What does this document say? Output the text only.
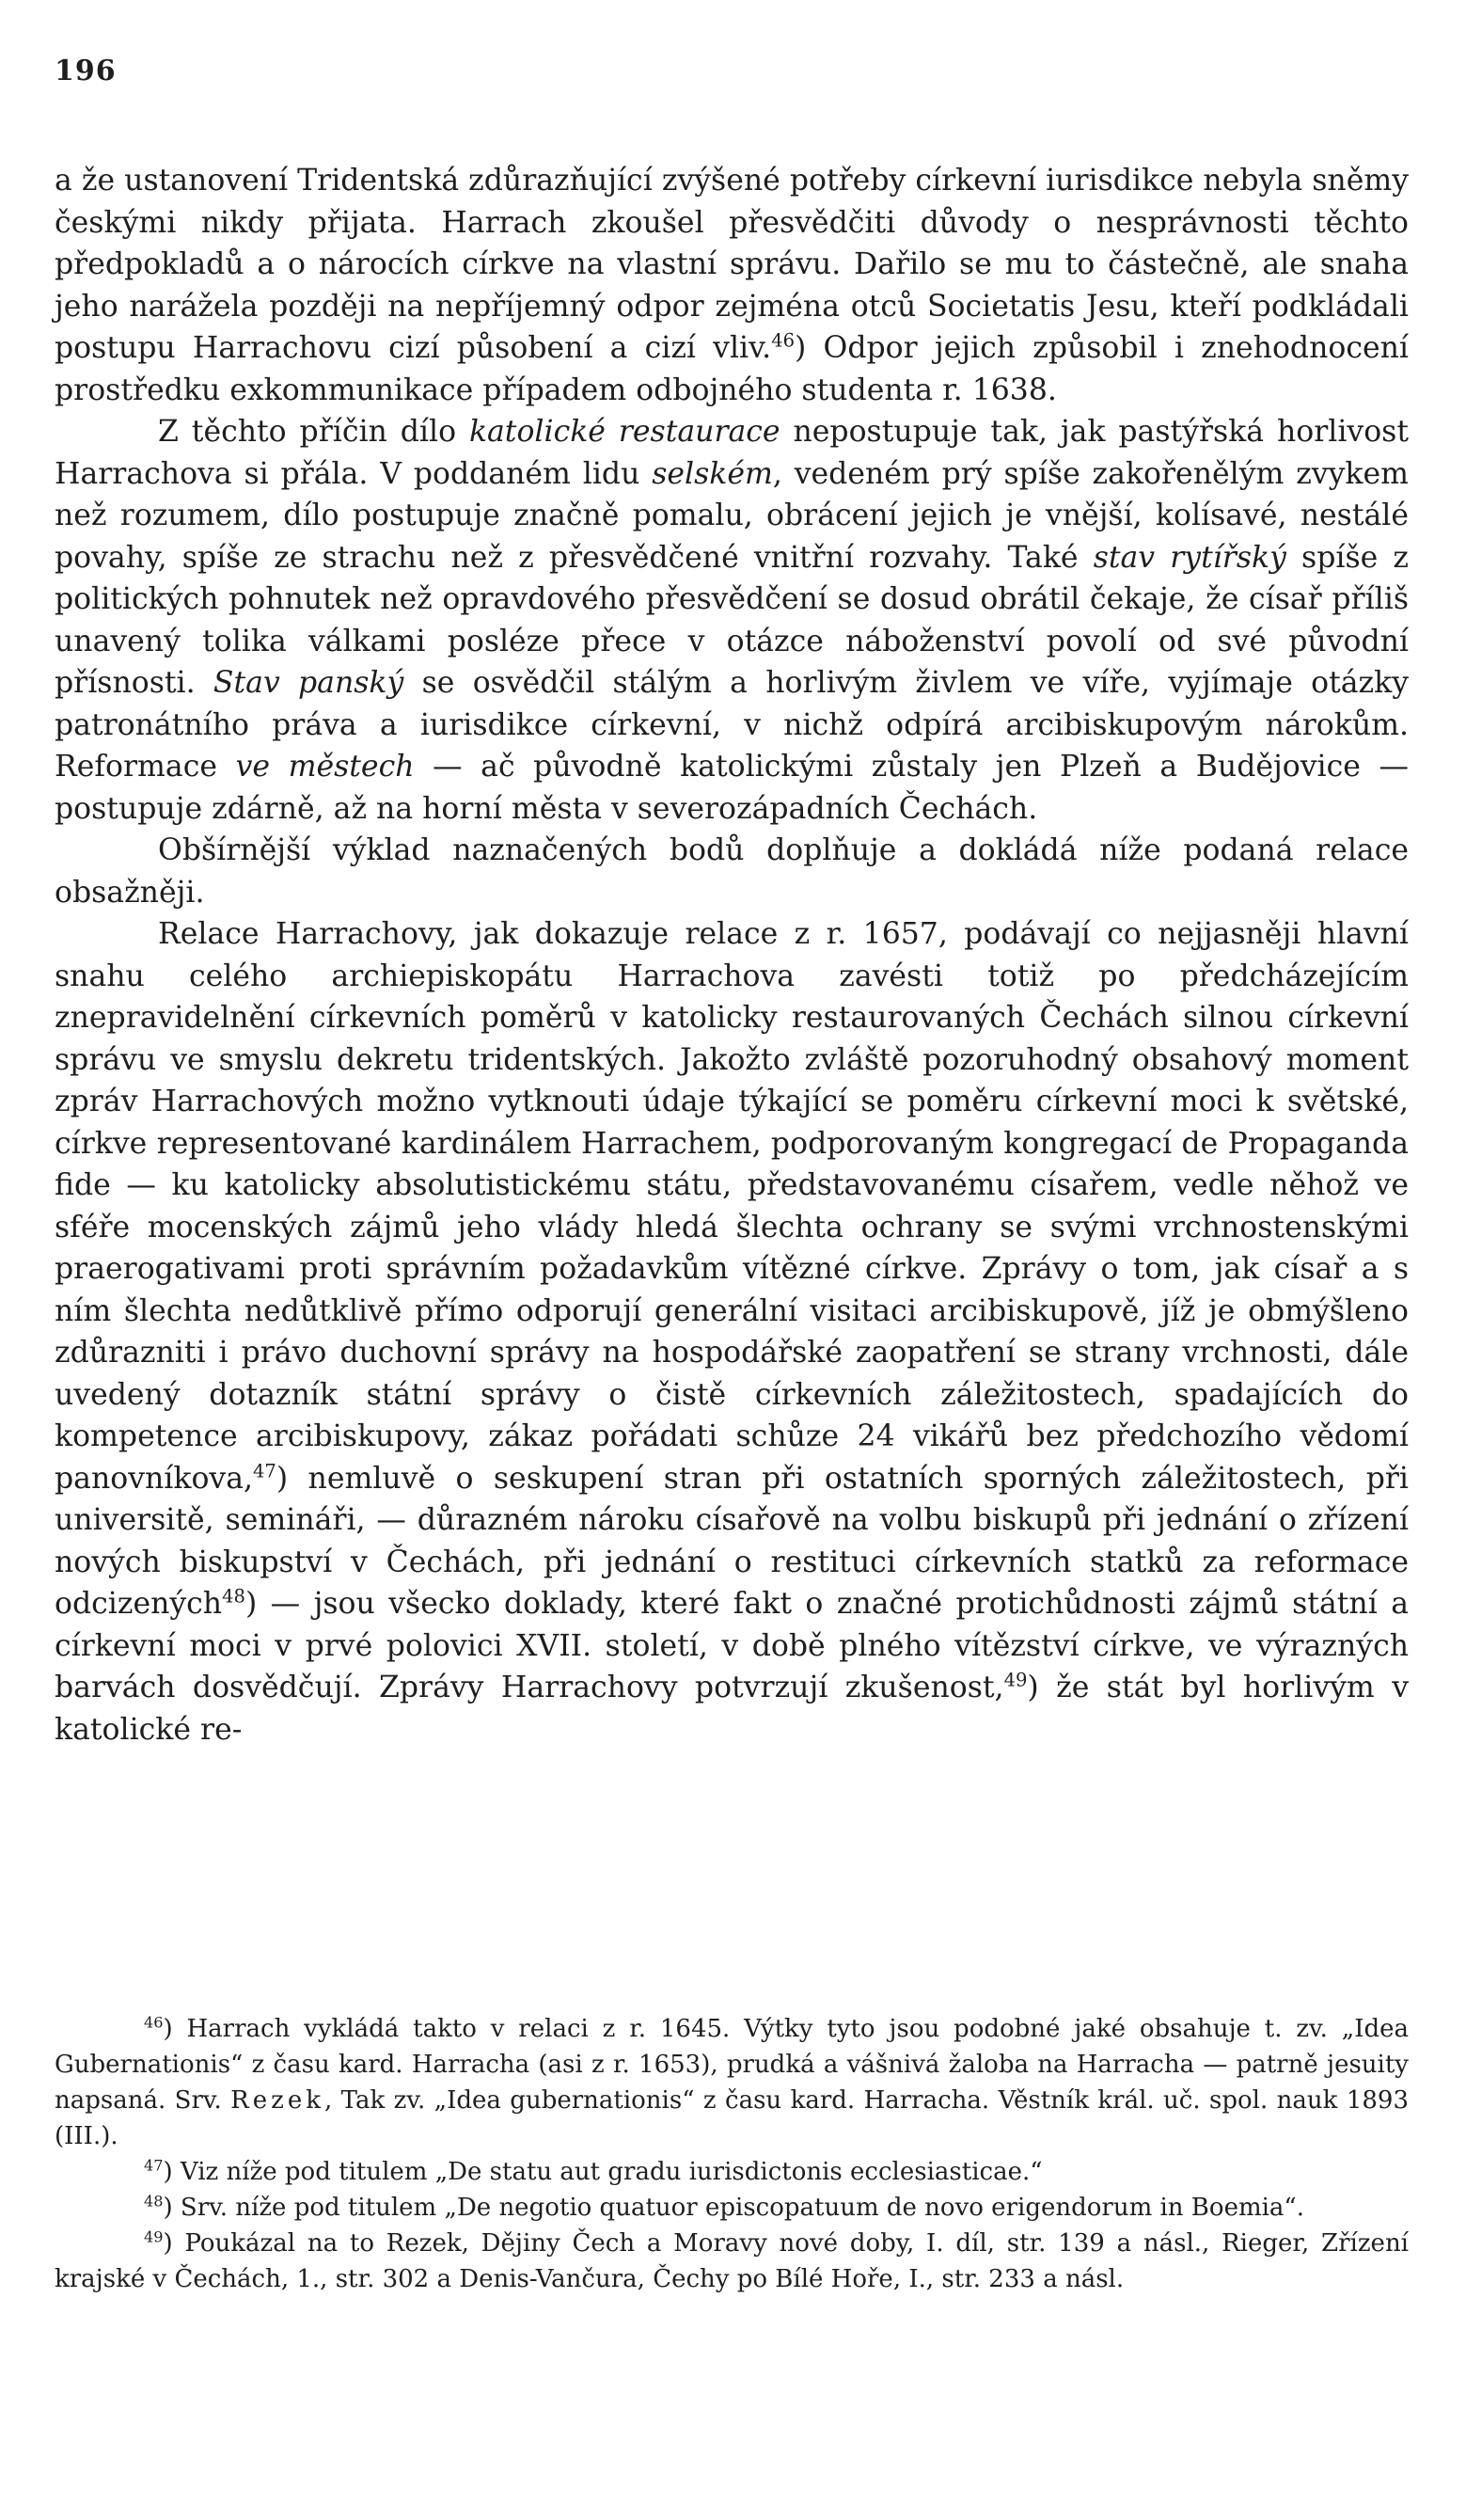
196

a že ustanovení Tridentská zdůrazňující zvýšené potřeby církevní iurisdikce nebyla sněmy českými nikdy přijata. Harrach zkoušel přesvědčiti důvody o nesprávnosti těchto předpokladů a o nárocích církve na vlastní správu. Dařilo se mu to částečně, ale snaha jeho narážela později na nepříjemný odpor zejména otců Societatis Jesu, kteří podkládali postupu Harrachovu cizí působení a cizí vliv.$^{46}$) Odpor jejich způsobil i znehodnocení prostředku exkommunikace případem odbojného studenta r. 1638.

Z těchto příčin dílo katolické restaurace nepostupuje tak, jak pastýřská horlivost Harrachova si přála. V poddaném lidu selském, vedeném prý spíše zakořenělým zvykem než rozumem, dílo postupuje značně pomalu, obrácení jejich je vnější, kolísavé, nestálé povahy, spíše ze strachu než z přesvědčené vnitřní rozvahy. Také stav rytířský spíše z politických pohnutek než opravdového přesvědčení se dosud obrátil čekaje, že císař příliš unavený tolika válkami posléze přece v otázce náboženství povolí od své původní přísnosti. Stav panský se osvědčil stálým a horlivým živlem ve víře, vyjímaje otázky patronátního práva a iurisdikce církevní, v nichž odpírá arcibiskupovým nárokům. Reformace ve městech — ač původně katolickými zůstaly jen Plzeň a Budějovice — postupuje zdárně, až na horní města v severozápadních Čechách.

Obšírnější výklad naznačených bodů doplňuje a dokládá níže podaná relace obsažněji.

Relace Harrachovy, jak dokazuje relace z r. 1657, podávají co nejjasněji hlavní snahu celého archiepiskopátu Harrachova zavésti totiž po předcházejícím znepravidelnění církevních poměrů v katolicky restaurovaných Čechách silnou církevní správu ve smyslu dekretu tridentských. Jakožto zvláště pozoruhodný obsahový moment zpráv Harrachových možno vytknouti údaje týkající se poměru církevní moci k světské, církve representované kardinálem Harrachem, podporovaným kongregací de Propaganda fide — ku katolicky absolutistickému státu, představovanému císařem, vedle něhož ve sféře mocenských zájmů jeho vlády hledá šlechta ochrany se svými vrchnostenskými praerogativami proti správním požadavkům vítězné církve. Zprávy o tom, jak císař a s ním šlechta nedůtklivě přímo odporují generální visitaci arcibiskupově, jíž je obmýšleno zdůrazniti i právo duchovní správy na hospodářské zaopatření se strany vrchnosti, dále uvedený dotazník státní správy o čistě církevních záležitostech, spadajících do kompetence arcibiskupovy, zákaz pořádati schůze 24 vikářů bez předchozího vědomí panovníkova,$^{47}$) nemluvě o seskupení stran při ostatních sporných záležitostech, při universitě, semináři, — důrazném nároku císařově na volbu biskupů při jednání o zřízení nových biskupství v Čechách, při jednání o restituci církevních statků za reformace odcizených$^{48}$) — jsou všecko doklady, které fakt o značné protichůdnosti zájmů státní a církevní moci v prvé polovici XVII. století, v době plného vítězství církve, ve výrazných barvách dosvědčují. Zprávy Harrachovy potvrzují zkušenost,$^{49}$) že stát byl horlivým v katolické re-

$^{46}$) Harrach vykládá takto v relaci z r. 1645. Výtky tyto jsou podobné jaké obsahuje t. zv. „Idea Gubernationis“ z času kard. Harracha (asi z r. 1653), prudká a vášnivá žaloba na Harracha — patrně jesuity napsaná. Srv. Rezek, Tak zv. „Idea gubernationis“ z času kard. Harracha. Věstník král. uč. spol. nauk 1893 (III.).

$^{47}$) Viz níže pod titulem „De statu aut gradu iurisdictonis ecclesiasticae.“

$^{48}$) Srv. níže pod titulem „De negotio quatuor episcopatuum de novo erigendorum in Boemia“.

$^{49}$) Poukázal na to Rezek, Dějiny Čech a Moravy nové doby, I. díl, str. 139 a násl., Rieger, Zřízení krajské v Čechách, 1., str. 302 a Denis-Vančura, Čechy po Bílé Hoře, I., str. 233 a násl.
